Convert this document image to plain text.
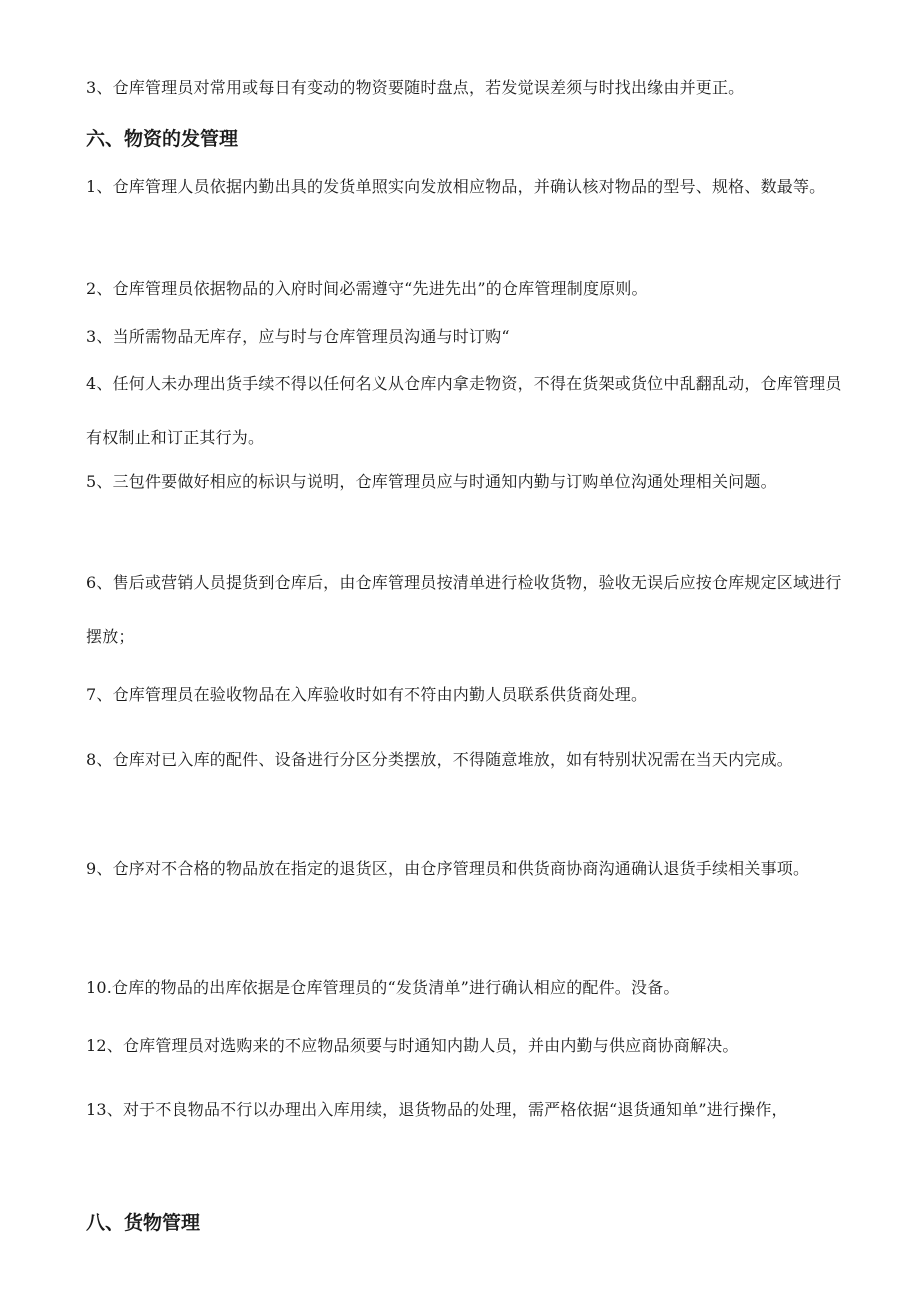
3、仓库管理员对常用或每日有变动的物资要随时盘点，若发觉误差须与时找出缘由并更正。

六、物资的发管理

1、仓库管理人员依据内勤出具的发货单照实向发放相应物品，并确认核对物品的型号、规格、数最等。

2、仓库管理员依据物品的入府时间必需遵守“先进先出”的仓库管理制度原则。

3、当所需物品无库存，应与时与仓库管理员沟通与时订购“

4、任何人未办理出货手续不得以任何名义从仓库内拿走物资，不得在货架或货位中乱翻乱动，仓库管理员有权制止和订正其行为。

5、三包件要做好相应的标识与说明，仓库管理员应与时通知内勤与订购单位沟通处理相关问题。

6、售后或营销人员提货到仓库后，由仓库管理员按清单进行检收货物，验收无误后应按仓库规定区域进行摆放；

7、仓库管理员在验收物品在入库验收时如有不符由内勤人员联系供货商处理。

8、仓库对已入库的配件、设备进行分区分类摆放，不得随意堆放，如有特别状况需在当天内完成。

9、仓序对不合格的物品放在指定的退货区，由仓序管理员和供货商协商沟通确认退货手续相关事项。

10.仓库的物品的出库依据是仓库管理员的“发货清单”进行确认相应的配件。没备。

12、仓库管理员对选购来的不应物品须要与时通知内勘人员，并由内勤与供应商协商解决。

13、对于不良物品不行以办理出入库用续，退货物品的处理，需严格依据“退货通知单”进行操作，

八、货物管理
